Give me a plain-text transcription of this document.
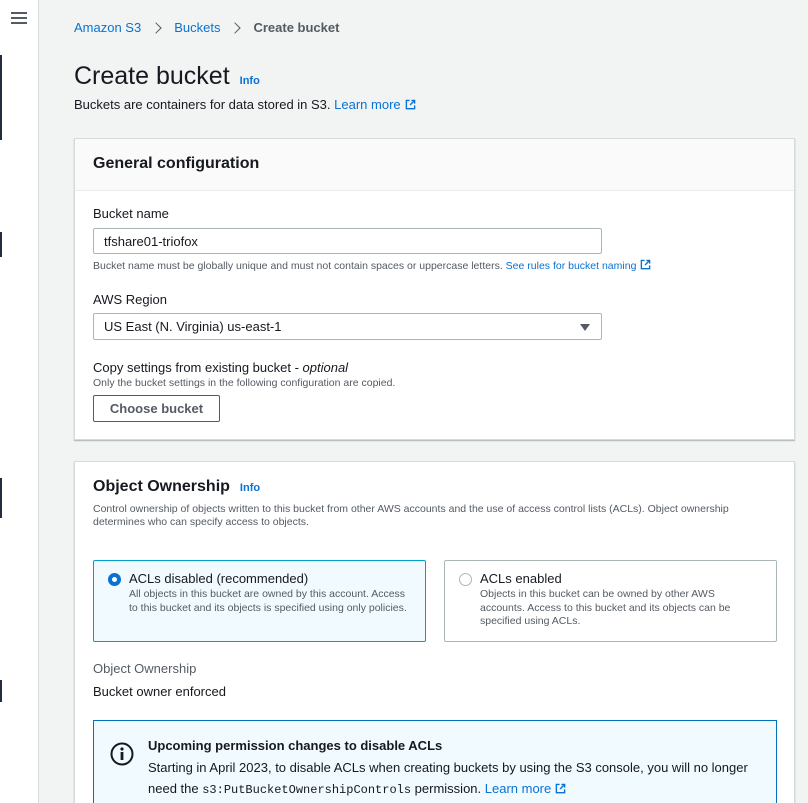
Amazon S3	Buckets	Create bucket
Create bucket Info
Buckets are containers for data stored in S3. Learn more
General configuration
Bucket name
tfshare01-triofox
Bucket name must be globally unique and must not contain spaces or uppercase letters. See rules for bucket naming
AWS Region
US East (N. Virginia) us-east-1
Copy settings from existing bucket - optional
Only the bucket settings in the following configuration are copied.
Choose bucket
Object Ownership Info

Control ownership of objects written to this bucket from other AWS accounts and the use of access control lists (ACLs). Object ownership determines who can specify access to objects.

ACLs disabled (recommended)
All objects in this bucket are owned by this account. Access to this bucket and its objects is specified using only policies.
ACLs enabled
Objects in this bucket can be owned by other AWS accounts. Access to this bucket and its objects can be specified using ACLs.
Object Ownership
Bucket owner enforced
Upcoming permission changes to disable ACLs
Starting in April 2023, to disable ACLs when creating buckets by using the S3 console, you will no longer need the s3:PutBucketOwnershipControls permission. Learn more
